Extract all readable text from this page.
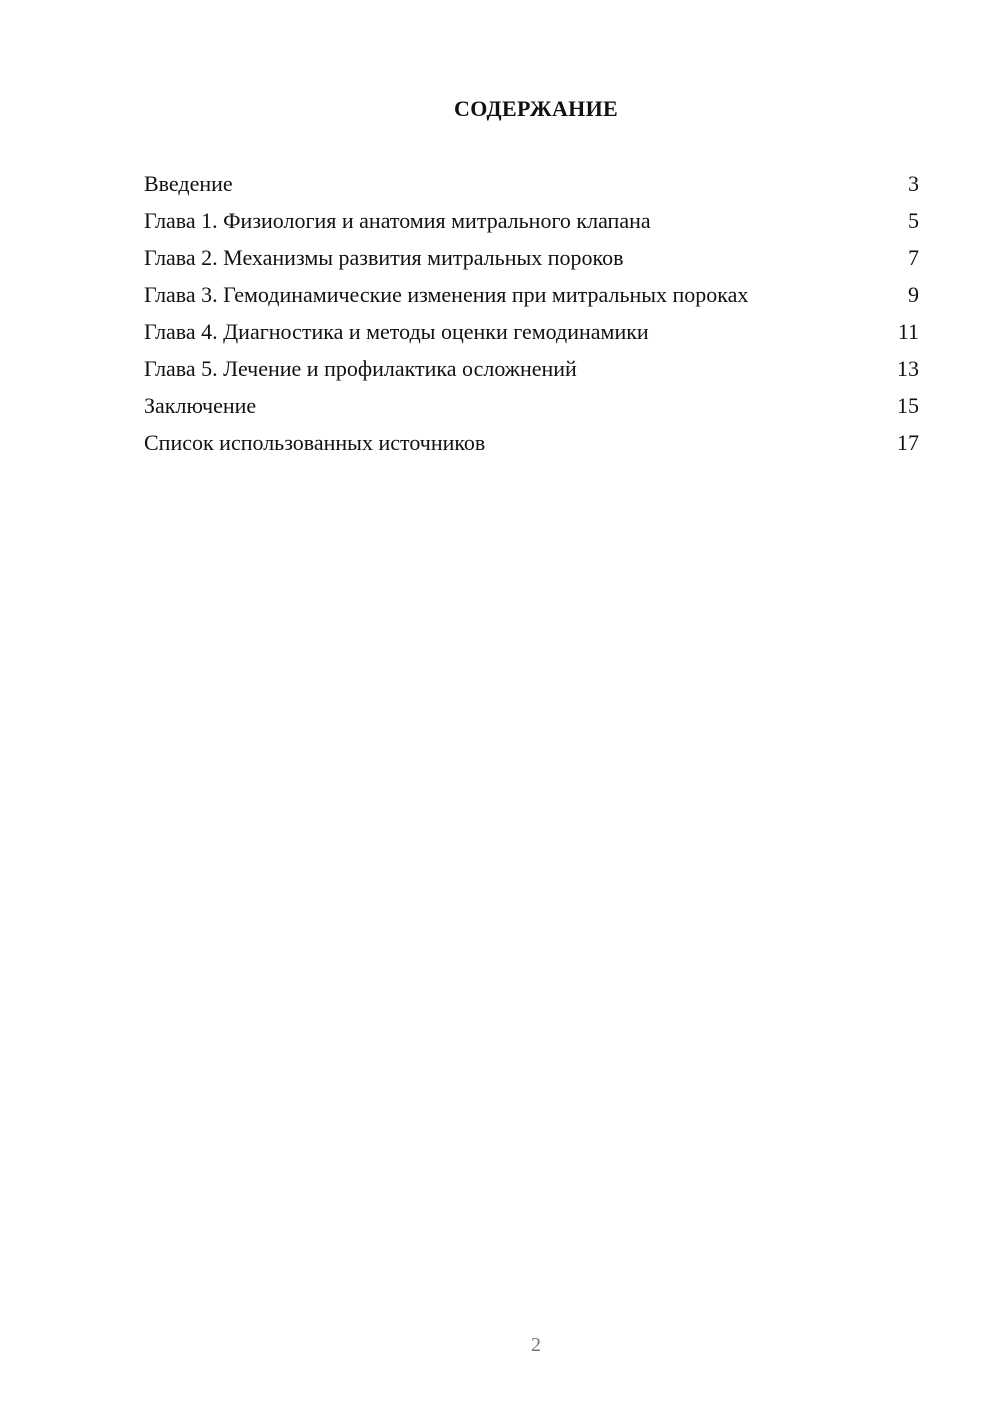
СОДЕРЖАНИЕ
Введение	3
Глава 1. Физиология и анатомия митрального клапана	5
Глава 2. Механизмы развития митральных пороков	7
Глава 3. Гемодинамические изменения при митральных пороках	9
Глава 4. Диагностика и методы оценки гемодинамики	11
Глава 5. Лечение и профилактика осложнений	13
Заключение	15
Список использованных источников	17
2
